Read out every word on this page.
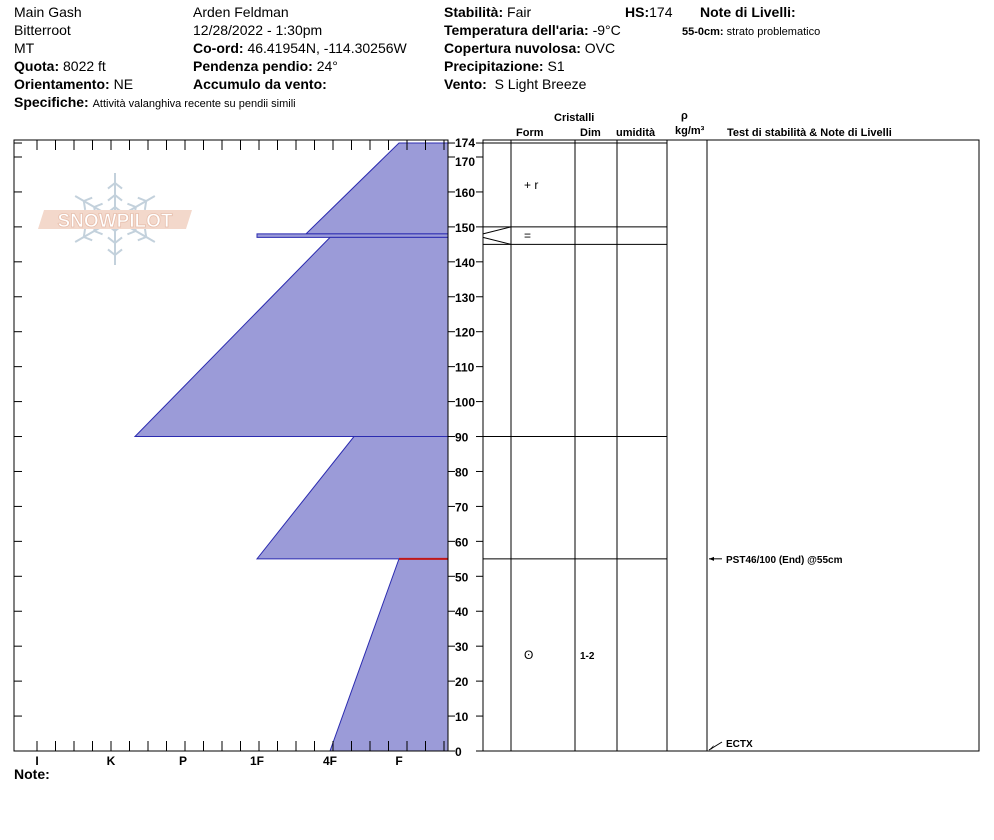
Main Gash
Bitterroot
MT
Quota: 8022 ft
Orientamento: NE
Specifiche: Attività valanghiva recente su pendii simili
Arden Feldman
12/28/2022 - 1:30pm
Co-ord: 46.41954N, -114.30256W
Pendenza pendio: 24°
Accumulo da vento:
Stabilità: Fair	HS:174
Temperatura dell'aria: -9°C
Copertura nuvolosa: OVC
Precipitazione: S1
Vento: S Light Breeze
Note di Livelli:
55-0cm: strato problematico
Cristalli
Form	Dim umidità
ρ
kg/m³ Test di stabilità & Note di Livelli
Note:
SNOWPILOT
I	K	P	1F	4F	F
0
10
20
30
40
50
60
70
80
90
100
110
120
130
140
150
160
170
174
+ r
=
ʘ	1-2
PST46/100 (End) @55cm
ECTX
